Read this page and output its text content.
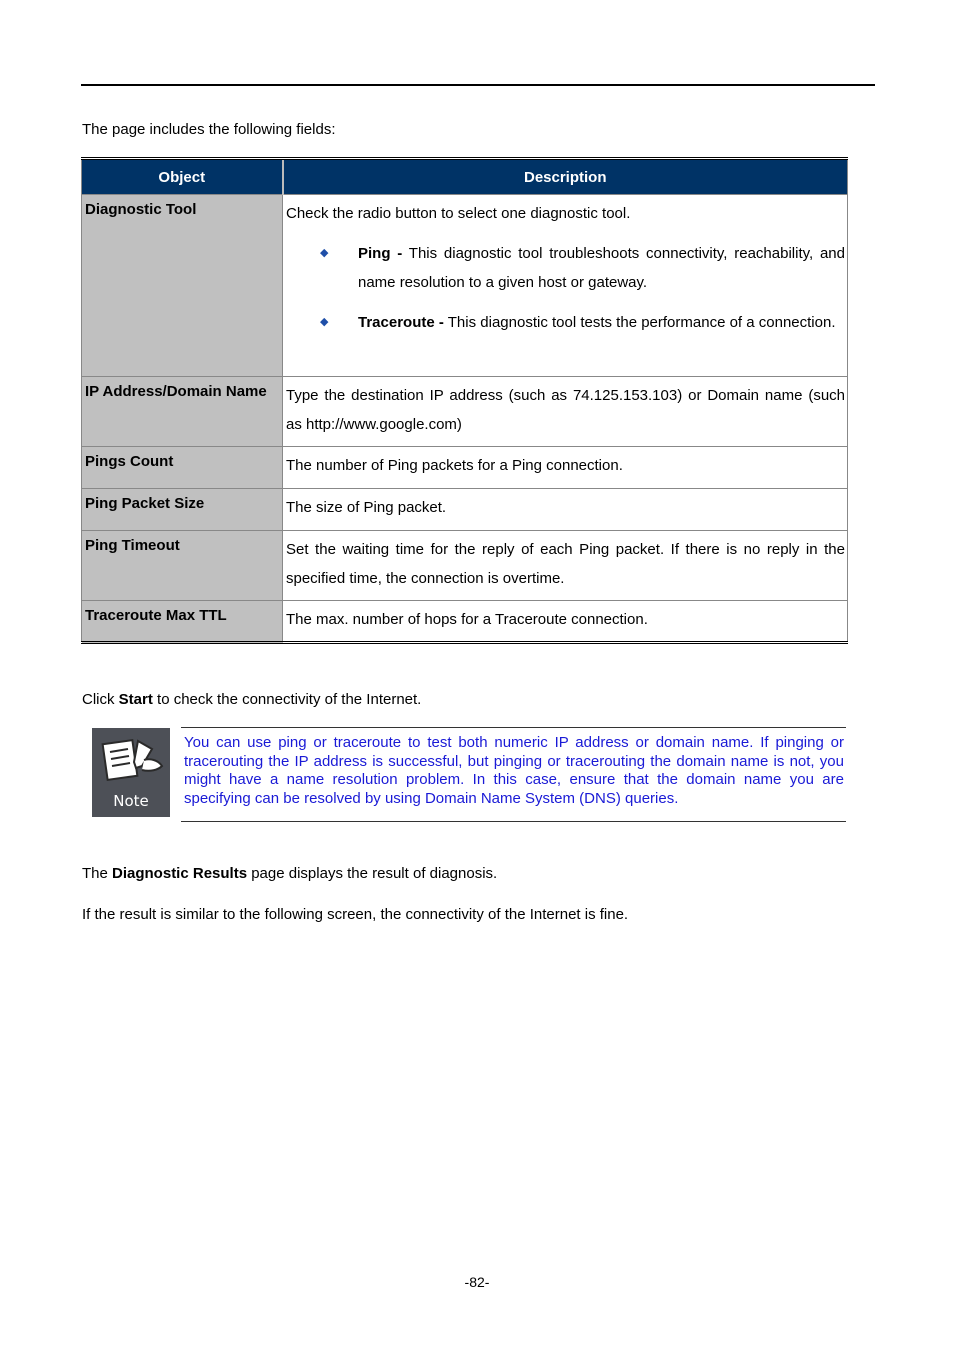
The page includes the following fields:

Object	Description
Diagnostic Tool	Check the radio button to select one diagnostic tool.

◆ Ping - This diagnostic tool troubleshoots connectivity, reachability, and name resolution to a given host or gateway.
◆ Traceroute - This diagnostic tool tests the performance of a connection.

IP Address/Domain Name	Type the destination IP address (such as 74.125.153.103) or Domain name (such as http://www.google.com)
Pings Count	The number of Ping packets for a Ping connection.
Ping Packet Size	The size of Ping packet.
Ping Timeout	Set the waiting time for the reply of each Ping packet. If there is no reply in the specified time, the connection is overtime.
Traceroute Max TTL	The max. number of hops for a Traceroute connection.

Click Start to check the connectivity of the Internet.

Note

You can use ping or traceroute to test both numeric IP address or domain name. If pinging or tracerouting the IP address is successful, but pinging or tracerouting the domain name is not, you might have a name resolution problem. In this case, ensure that the domain name you are specifying can be resolved by using Domain Name System (DNS) queries.

The Diagnostic Results page displays the result of diagnosis.

If the result is similar to the following screen, the connectivity of the Internet is fine.

-82-
